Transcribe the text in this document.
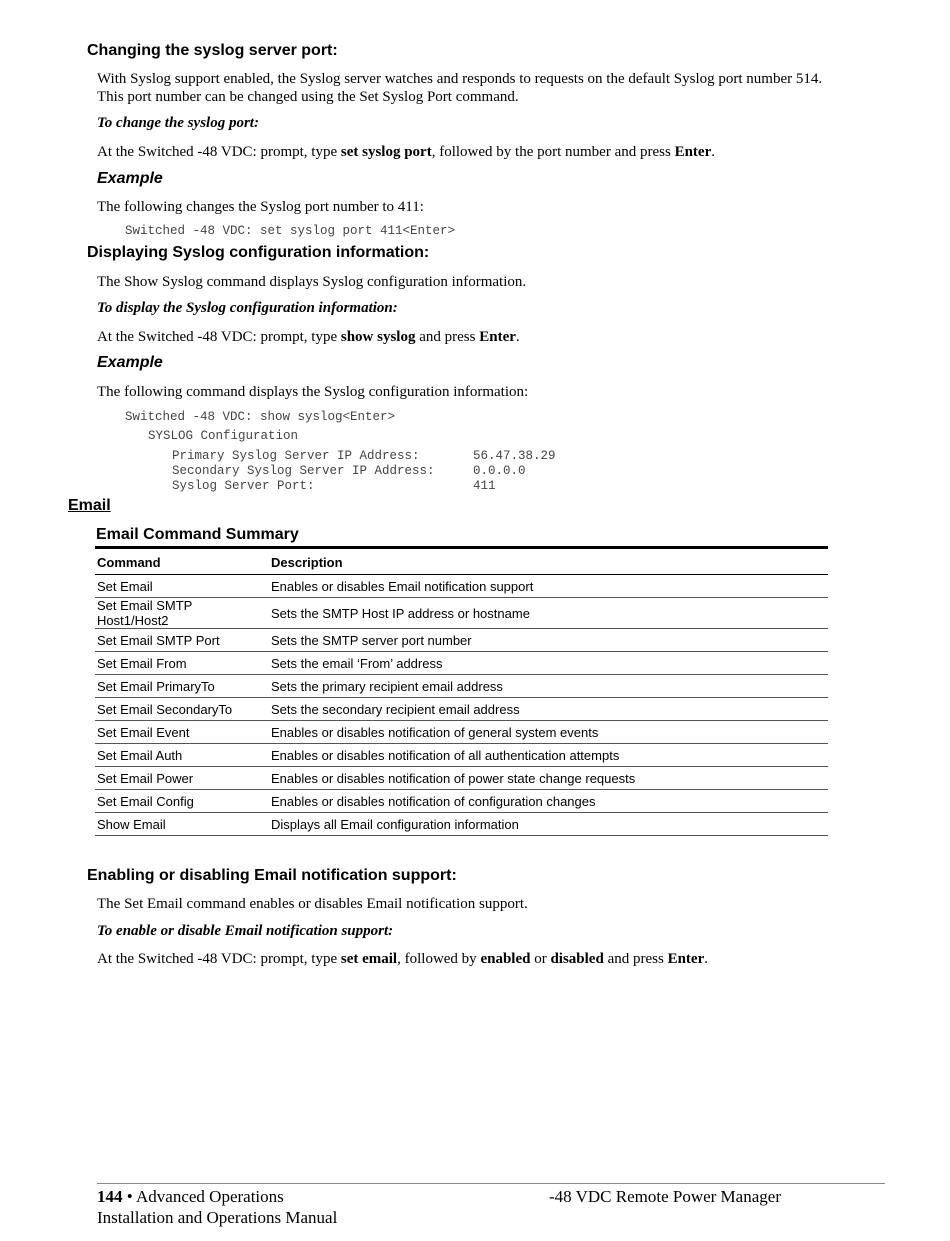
Changing the syslog server port:

With Syslog support enabled, the Syslog server watches and responds to requests on the default Syslog port number 514. This port number can be changed using the Set Syslog Port command.

To change the syslog port:

At the Switched -48 VDC: prompt, type set syslog port, followed by the port number and press Enter.

Example

The following changes the Syslog port number to 411:

Switched -48 VDC: set syslog port 411<Enter>
Displaying Syslog configuration information:

The Show Syslog command displays Syslog configuration information.

To display the Syslog configuration information:

At the Switched -48 VDC: prompt, type show syslog and press Enter.

Example

The following command displays the Syslog configuration information:

Switched -48 VDC: show syslog<Enter>
SYSLOG Configuration
Primary Syslog Server IP Address:	56.47.38.29
Secondary Syslog Server IP Address:	0.0.0.0
Syslog Server Port:	411
Email
Email Command Summary
Command	Description
Set Email	Enables or disables Email notification support
Set Email SMTP Host1/Host2	Sets the SMTP Host IP address or hostname
Set Email SMTP Port	Sets the SMTP server port number
Set Email From	Sets the email ‘From’ address
Set Email PrimaryTo	Sets the primary recipient email address
Set Email SecondaryTo	Sets the secondary recipient email address
Set Email Event	Enables or disables notification of general system events
Set Email Auth	Enables or disables notification of all authentication attempts
Set Email Power	Enables or disables notification of power state change requests
Set Email Config	Enables or disables notification of configuration changes
Show Email	Displays all Email configuration information
Enabling or disabling Email notification support:

The Set Email command enables or disables Email notification support.

To enable or disable Email notification support:

At the Switched -48 VDC: prompt, type set email, followed by enabled or disabled and press Enter.

144 • Advanced Operations
Installation and Operations Manual
-48 VDC Remote Power Manager
